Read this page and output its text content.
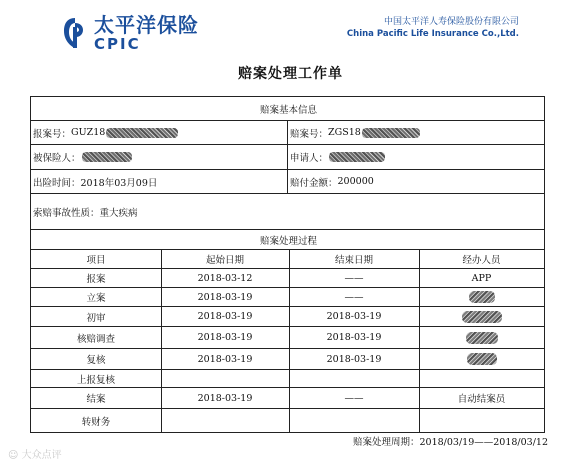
太平洋保险
CPIC
中国太平洋人寿保险股份有限公司
China Pacific Life Insurance Co.,Ltd.
赔案处理工作单
赔案基本信息
报案号： GUZ18	赔案号： ZGS18
被保险人：	申请人：
出险时间： 2018年03月09日	赔付金额： 200000
索赔事故性质： 重大疾病
赔案处理过程
项目	起始日期	结束日期	经办人员
报案	2018-03-12	——	APP
立案	2018-03-19	——
初审	2018-03-19	2018-03-19
核赔调查	2018-03-19	2018-03-19
复核	2018-03-19	2018-03-19
上报复核
结案	2018-03-19	——	自动结案员
转财务
赔案处理周期：2018/03/19——2018/03/12
☺ 大众点评
